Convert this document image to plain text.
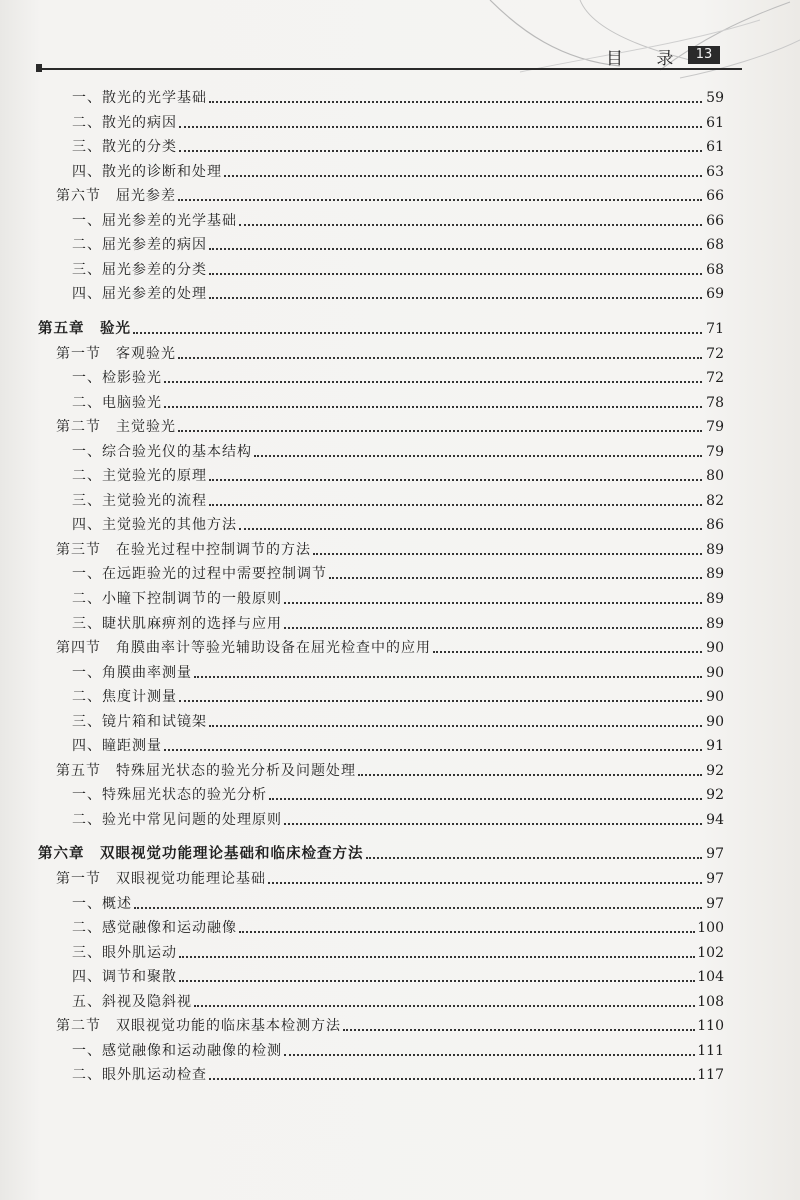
目 录 13
一、散光的光学基础	59
二、散光的病因	61
三、散光的分类	61
四、散光的诊断和处理	63
第六节　屈光参差	66
一、屈光参差的光学基础	66
二、屈光参差的病因	68
三、屈光参差的分类	68
四、屈光参差的处理	69
第五章　验光	71
第一节　客观验光	72
一、检影验光	72
二、电脑验光	78
第二节　主觉验光	79
一、综合验光仪的基本结构	79
二、主觉验光的原理	80
三、主觉验光的流程	82
四、主觉验光的其他方法	86
第三节　在验光过程中控制调节的方法	89
一、在远距验光的过程中需要控制调节	89
二、小瞳下控制调节的一般原则	89
三、睫状肌麻痹剂的选择与应用	89
第四节　角膜曲率计等验光辅助设备在屈光检查中的应用	90
一、角膜曲率测量	90
二、焦度计测量	90
三、镜片箱和试镜架	90
四、瞳距测量	91
第五节　特殊屈光状态的验光分析及问题处理	92
一、特殊屈光状态的验光分析	92
二、验光中常见问题的处理原则	94
第六章　双眼视觉功能理论基础和临床检查方法	97
第一节　双眼视觉功能理论基础	97
一、概述	97
二、感觉融像和运动融像	100
三、眼外肌运动	102
四、调节和聚散	104
五、斜视及隐斜视	108
第二节　双眼视觉功能的临床基本检测方法	110
一、感觉融像和运动融像的检测	111
二、眼外肌运动检查	117
